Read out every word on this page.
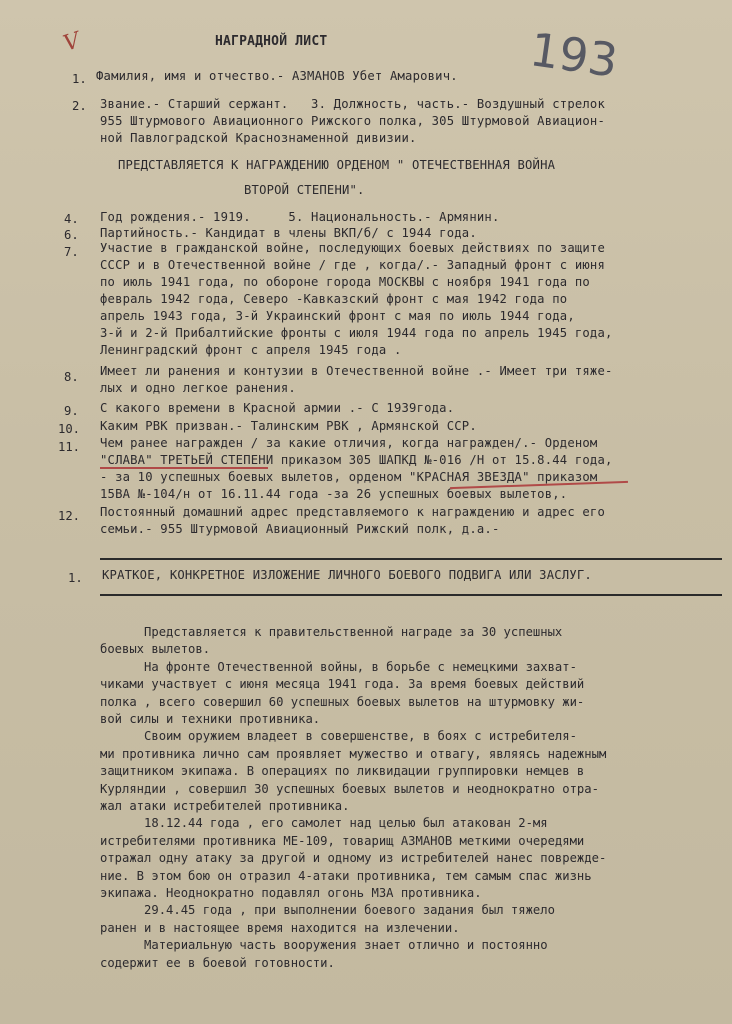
V	193
НАГРАДНОЙ ЛИСТ
1. Фамилия, имя и отчество.- АЗМАНОВ Убет Амарович.
2. Звание.- Старший сержант.   3. Должность, часть.- Воздушный стрелок
955 Штурмового Авиационного Рижского полка, 305 Штурмовой Авиацион-
ной Павлоградской Краснознаменной дивизии.
ПРЕДСТАВЛЯЕТСЯ К НАГРАЖДЕНИЮ ОРДЕНОМ " ОТЕЧЕСТВЕННАЯ ВОЙНА
ВТОРОЙ СТЕПЕНИ".
4. Год рождения.- 1919.     5. Национальность.- Армянин.
6. Партийность.- Кандидат в члены ВКП/б/ с 1944 года.
7. Участие в гражданской войне, последующих боевых действиях по защите
СССР и в Отечественной войне / где , когда/.- Западный фронт с июня
по июль 1941 года, по обороне города МОСКВЫ с ноября 1941 года по
февраль 1942 года, Северо -Кавказский фронт с мая 1942 года по
апрель 1943 года, 3-й Украинский фронт с мая по июль 1944 года,
3-й и 2-й Прибалтийские фронты с июля 1944 года по апрель 1945 года,
Ленинградский фронт с апреля 1945 года .
8. Имеет ли ранения и контузии в Отечественной войне .- Имеет три тяже-
лых и одно легкое ранения.
9. С какого времени в Красной армии .- С 1939года.
10. Каким РВК призван.- Талинским РВК , Армянской ССР.
11. Чем ранее награжден / за какие отличия, когда награжден/.- Орденом
"СЛАВА" ТРЕТЬЕЙ СТЕПЕНИ приказом 305 ШАПКД №-016 /Н от 15.8.44 года,
- за 10 успешных боевых вылетов, орденом "КРАСНАЯ ЗВЕЗДА" приказом
15ВА №-104/н от 16.11.44 года -за 26 успешных боевых вылетов,.
12. Постоянный домашний адрес представляемого к награждению и адрес его
семьи.- 955 Штурмовой Авиационный Рижский полк, д.а.-
1. КРАТКОЕ, КОНКРЕТНОЕ ИЗЛОЖЕНИЕ ЛИЧНОГО БОЕВОГО ПОДВИГА ИЛИ ЗАСЛУГ.
Представляется к правительственной награде за 30 успешных
боевых вылетов.
На фронте Отечественной войны, в борьбе с немецкими захват-
чиками участвует с июня месяца 1941 года. За время боевых действий
полка , всего совершил 60 успешных боевых вылетов на штурмовку жи-
вой силы и техники противника.
Своим оружием владеет в совершенстве, в боях с истребителя-
ми противника лично сам проявляет мужество и отвагу, являясь надежным
защитником экипажа. В операциях по ликвидации группировки немцев в
Курляндии , совершил 30 успешных боевых вылетов и неоднократно отра-
жал атаки истребителей противника.
18.12.44 года , его самолет над целью был атакован 2-мя
истребителями противника МЕ-109, товарищ АЗМАНОВ меткими очередями
отражал одну атаку за другой и одному из истребителей нанес поврежде-
ние. В этом бою он отразил 4-атаки противника, тем самым спас жизнь
экипажа. Неоднократно подавлял огонь МЗА противника.
29.4.45 года , при выполнении боевого задания был тяжело
ранен и в настоящее время находится на излечении.
Материальную часть вооружения знает отлично и постоянно
содержит ее в боевой готовности.
